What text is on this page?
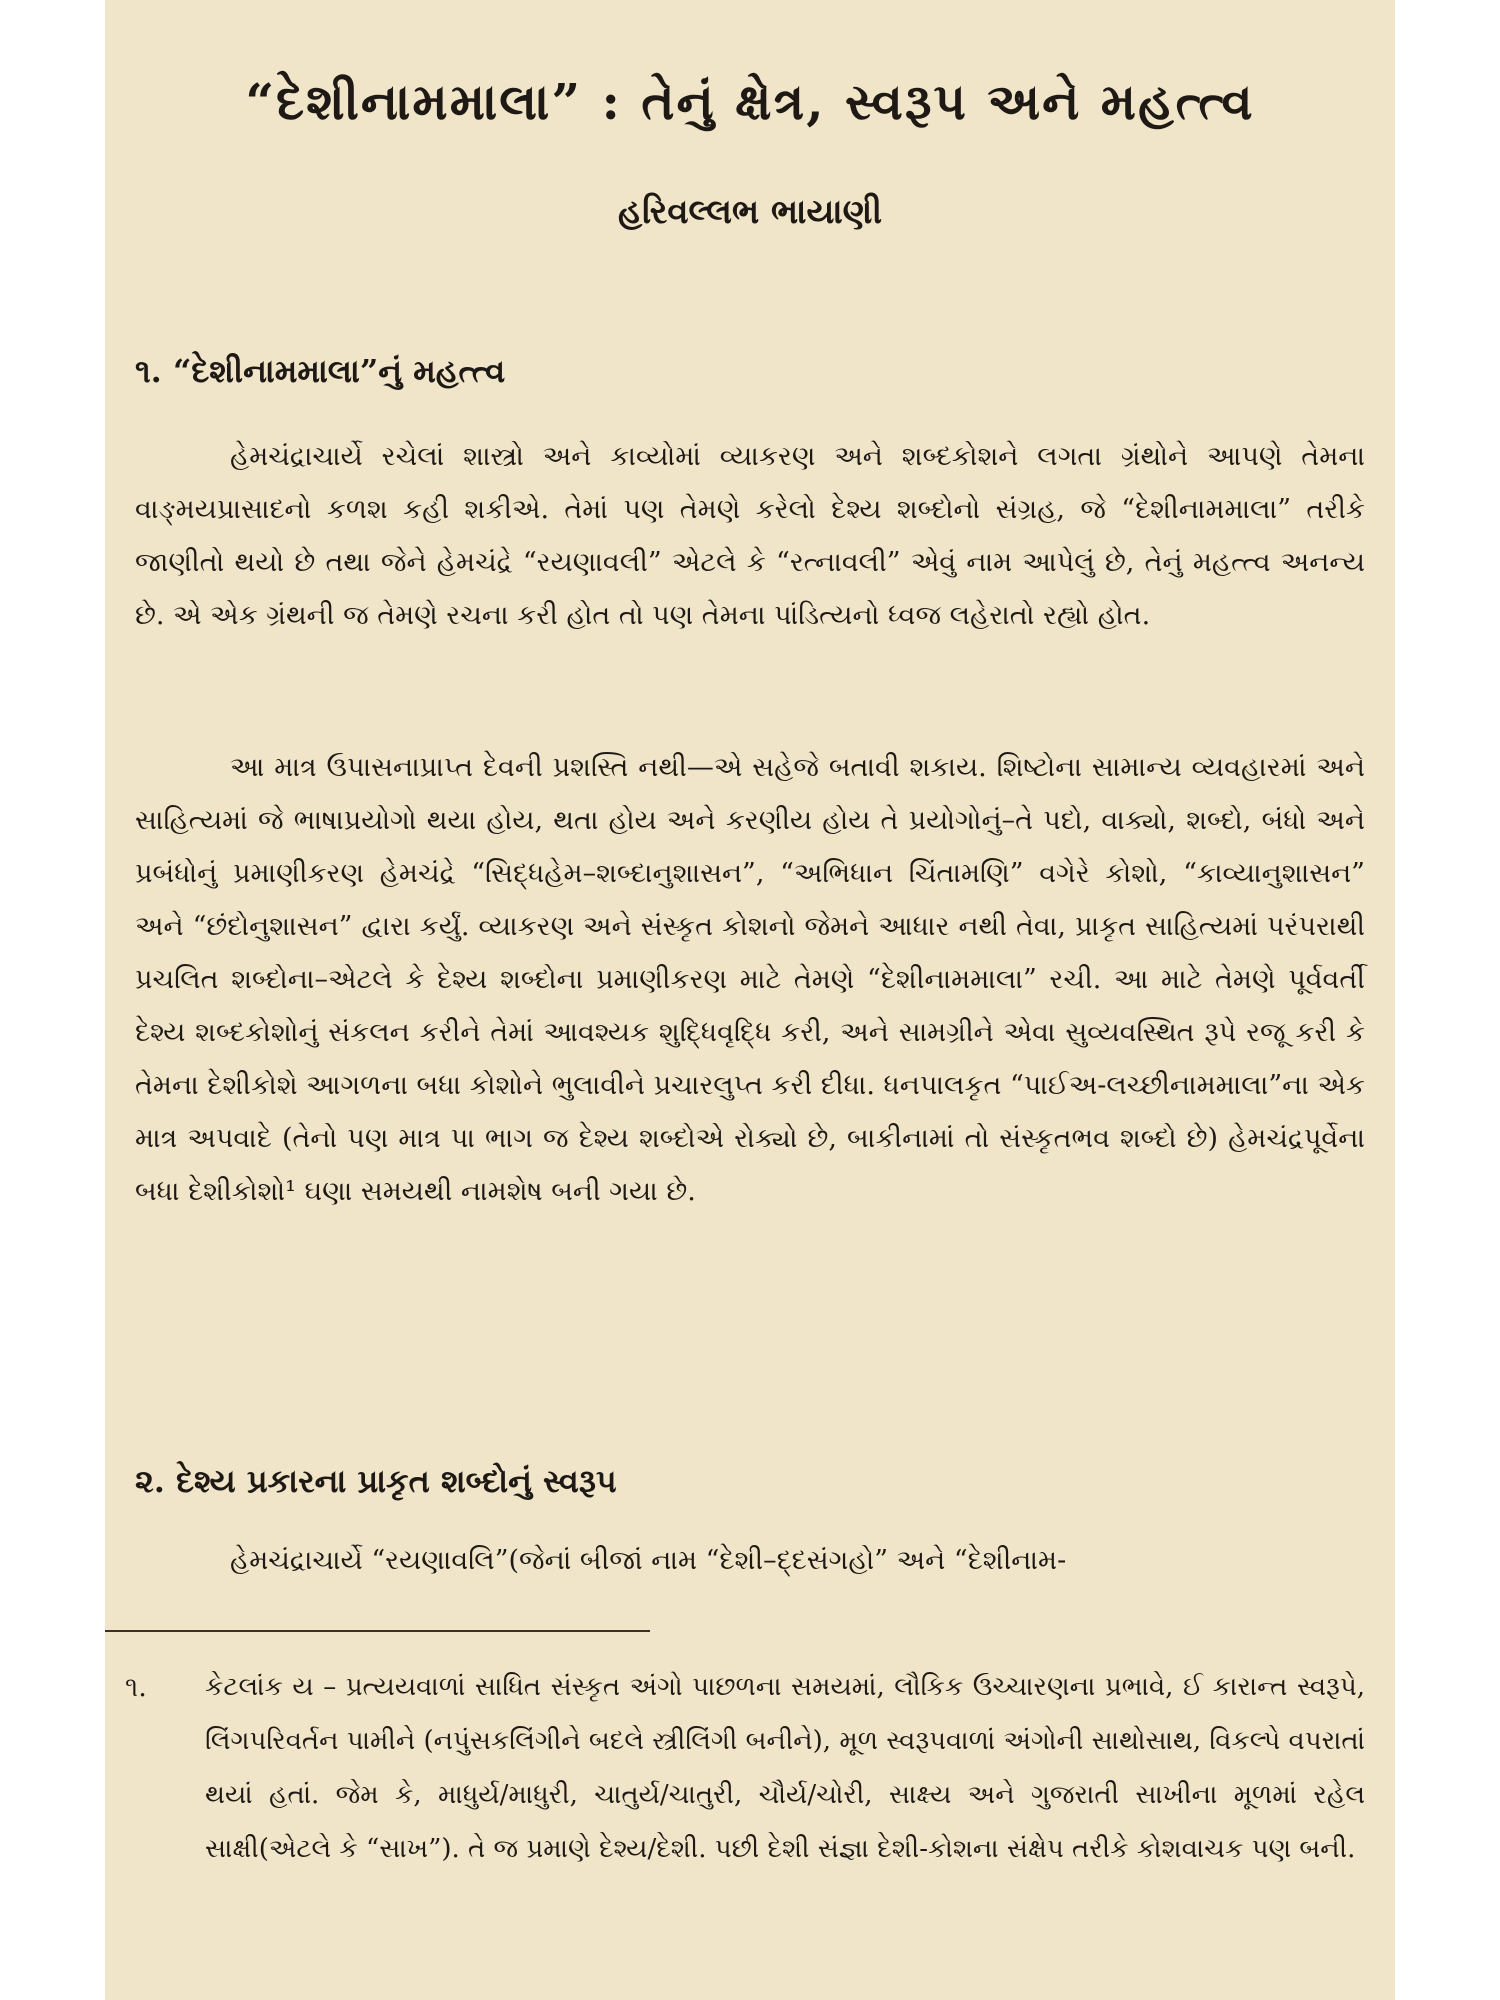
“દેશીનામમાલા” : તેનું ક્ષેત્ર, સ્વરૂપ અને મહત્ત્વ
હરિવલ્લભ ભાયાણી
૧. “દેશીનામમાલા”નું મહત્ત્વ

હેમચંદ્રાચાર્યે રચેલાં શાસ્ત્રો અને કાવ્યોમાં વ્યાકરણ અને શબ્દકોશને લગતા ગ્રંથોને આપણે તેમના વાઙ્મયપ્રાસાદનો કળશ કહી શકીએ. તેમાં પણ તેમણે કરેલો દેશ્ય શબ્દોનો સંગ્રહ, જે “દેશીનામમાલા” તરીકે જાણીતો થયો છે તથા જેને હેમચંદ્રે “રયણાવલી” એટલે કે “રત્નાવલી” એવું નામ આપેલું છે, તેનું મહત્ત્વ અનન્ય છે. એ એક ગ્રંથની જ તેમણે રચના કરી હોત તો પણ તેમના પાંડિત્યનો ધ્વજ લહેરાતો રહ્યો હોત.

આ માત્ર ઉપાસનાપ્રાપ્ત દેવની પ્રશસ્તિ નથી—એ સહેજે બતાવી શકાય. શિષ્ટોના સામાન્ય વ્યવહારમાં અને સાહિત્યમાં જે ભાષાપ્રયોગો થયા હોય, થતા હોય અને કરણીય હોય તે પ્રયોગોનું–તે પદો, વાક્યો, શબ્દો, બંધો અને પ્રબંધોનું પ્રમાણીકરણ હેમચંદ્રે “સિદ્ધહેમ–શબ્દાનુશાસન”, “અભિધાન ચિંતામણિ” વગેરે કોશો, “કાવ્યાનુશાસન” અને “છંદોનુશાસન” દ્વારા કર્યું. વ્યાકરણ અને સંસ્કૃત કોશનો જેમને આધાર નથી તેવા, પ્રાકૃત સાહિત્યમાં પરંપરાથી પ્રચલિત શબ્દોના–એટલે કે દેશ્ય શબ્દોના પ્રમાણીકરણ માટે તેમણે “દેશીનામમાલા” રચી. આ માટે તેમણે પૂર્વવર્તી દેશ્ય શબ્દકોશોનું સંકલન કરીને તેમાં આવશ્યક શુદ્ધિવૃદ્ધિ કરી, અને સામગ્રીને એવા સુવ્યવસ્થિત રૂપે રજૂ કરી કે તેમના દેશીકોશે આગળના બધા કોશોને ભુલાવીને પ્રચારલુપ્ત કરી દીધા. ધનપાલકૃત “પાઈઅ-લચ્છીનામમાલા”ના એક માત્ર અપવાદે (તેનો પણ માત્ર પા ભાગ જ દેશ્ય શબ્દોએ રોક્યો છે, બાકીનામાં તો સંસ્કૃતભવ શબ્દો છે) હેમચંદ્રપૂર્વેના બધા દેશીકોશો¹ ઘણા સમયથી નામશેષ બની ગયા છે.

૨. દેશ્ય પ્રકારના પ્રાકૃત શબ્દોનું સ્વરૂપ

હેમચંદ્રાચાર્યે “રયણાવલિ”(જેનાં બીજાં નામ “દેશી–દ્દસંગહો” અને “દેશીનામ-

૧. કેટલાંક ય – પ્રત્યયવાળાં સાધિત સંસ્કૃત અંગો પાછળના સમયમાં, લૌકિક ઉચ્ચારણના પ્રભાવે, ઈ કારાન્ત સ્વરૂપે, લિંગપરિવર્તન પામીને (નપુંસકલિંગીને બદલે સ્ત્રીલિંગી બનીને), મૂળ સ્વરૂપવાળાં અંગોની સાથોસાથ, વિકલ્પે વપરાતાં થયાં હતાં. જેમ કે, માધુર્ય/માધુરી, ચાતુર્ય/ચાતુરી, ચૌર્ય/ચોરી, સાક્ષ્ય અને ગુજરાતી સાખીના મૂળમાં રહેલ સાક્ષી(એટલે કે “સાખ”). તે જ પ્રમાણે દેશ્ય/દેશી. પછી દેશી સંજ્ઞા દેશી-કોશના સંક્ષેપ તરીકે કોશવાચક પણ બની.
